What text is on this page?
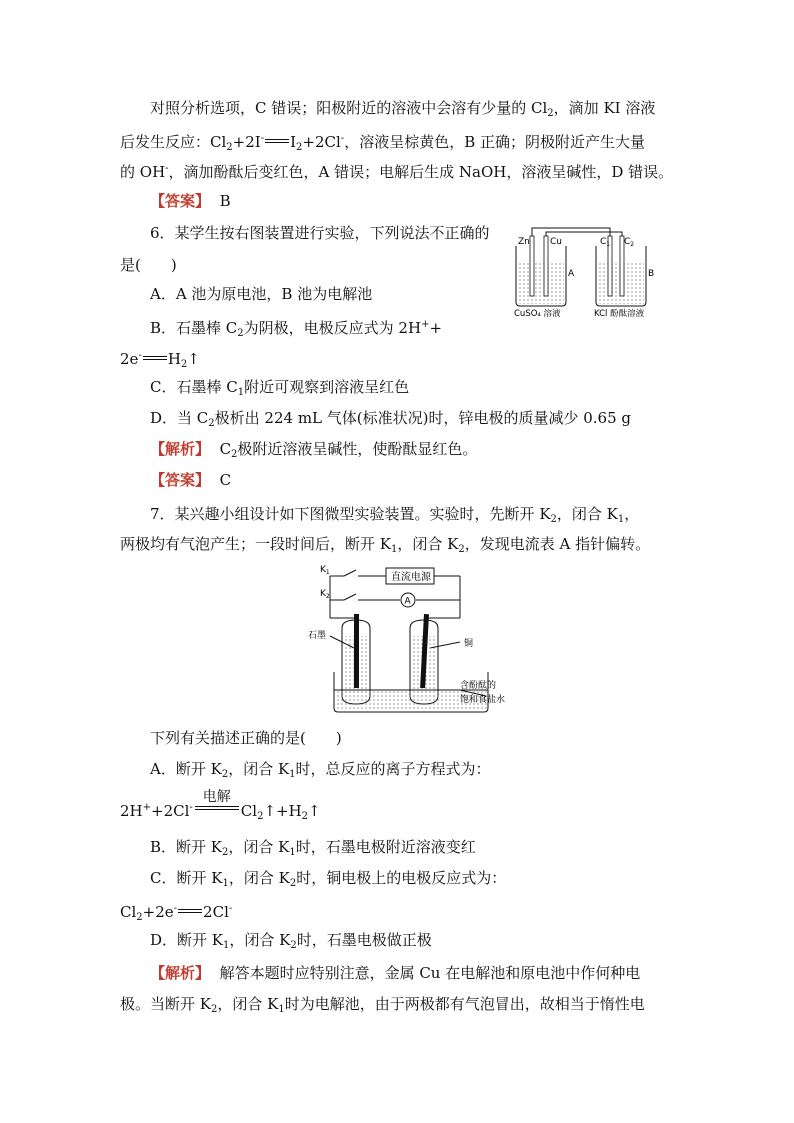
对照分析选项，C 错误；阳极附近的溶液中会溶有少量的 $Cl_2$，滴加 KI 溶液
后发生反应：$Cl_2+2I^-$ $I_2+2Cl^-$，溶液呈棕黄色，B 正确；阴极附近产生大量
的 OH-，滴加酚酞后变红色，A 错误；电解后生成 NaOH，溶液呈碱性，D 错误。
【答案】 B
6．某学生按右图装置进行实验，下列说法不正确的
是(　　)
Zn Cu	$C_1$ $C_2$
A	B
CuSO₄ 溶液	KCl 酚酞溶液
A．A 池为原电池，B 池为电解池
B．石墨棒 $C_2$为阴极，电极反应式为 2H++
2e- $H_2↑$
C．石墨棒 $C_1$附近可观察到溶液呈红色
D．当 $C_2$极析出 224 mL 气体(标准状况)时，锌电极的质量减少 0.65 g
【解析】 $C_2$极附近溶液呈碱性，使酚酞显红色。
【答案】 C
7．某兴趣小组设计如下图微型实验装置。实验时，先断开 $K_2$，闭合 $K_1$，
两极均有气泡产生；一段时间后，断开 $K_1$，闭合 $K_2$，发现电流表 A 指针偏转。
$K_1$
$K_2$
直流电源
A
石墨
铜
含酚酞的
饱和食盐水
下列有关描述正确的是(　　)
A．断开 $K_2$，闭合 $K_1$时，总反应的离子方程式为：
2H++2Cl-
电解
$Cl_2↑+H_2↑$
B．断开 $K_2$，闭合 $K_1$时，石墨电极附近溶液变红
C．断开 $K_1$，闭合 $K_2$时，铜电极上的电极反应式为：
$Cl_2+2e^-$ 2Cl-
D．断开 $K_1$，闭合 $K_2$时，石墨电极做正极
【解析】 解答本题时应特别注意，金属 Cu 在电解池和原电池中作何种电
极。当断开 $K_2$，闭合 $K_1$时为电解池，由于两极都有气泡冒出，故相当于惰性电
